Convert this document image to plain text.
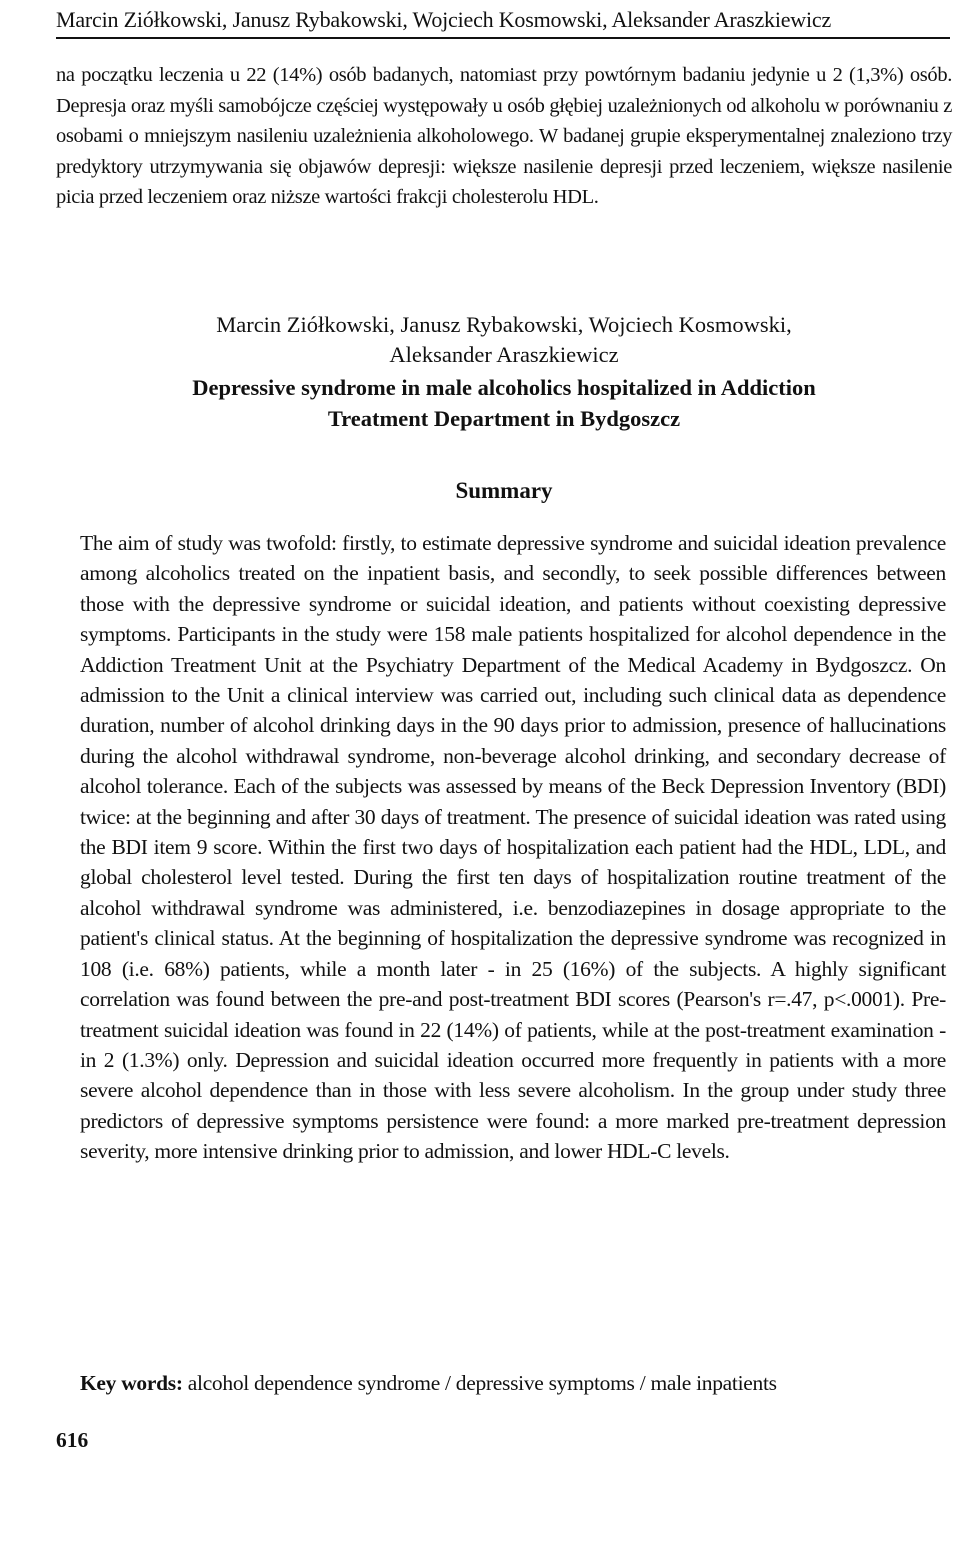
Marcin Ziółkowski, Janusz Rybakowski, Wojciech Kosmowski, Aleksander Araszkiewicz
na początku leczenia u 22 (14%) osób badanych, natomiast przy powtórnym badaniu jedynie u 2 (1,3%) osób. Depresja oraz myśli samobójcze częściej występowały u osób głębiej uzależnionych od alkoholu w porównaniu z osobami o mniejszym nasileniu uzależnienia alkoholowego. W badanej grupie eksperymentalnej znaleziono trzy predyktory utrzymywania się objawów depresji: większe nasilenie depresji przed leczeniem, większe nasilenie picia przed leczeniem oraz niższe wartości frakcji cholesterolu HDL.
Marcin Ziółkowski, Janusz Rybakowski, Wojciech Kosmowski,
Aleksander Araszkiewicz
Depressive syndrome in male alcoholics hospitalized in Addiction
Treatment Department in Bydgoszcz
Summary
The aim of study was twofold: firstly, to estimate depressive syndrome and suicidal ideation prevalence among alcoholics treated on the inpatient basis, and secondly, to seek possible differences between those with the depressive syndrome or suicidal ideation, and patients without coexisting depressive symptoms. Participants in the study were 158 male patients hospitalized for alcohol dependence in the Addiction Treatment Unit at the Psychiatry Department of the Medical Academy in Bydgoszcz. On admission to the Unit a clinical interview was carried out, including such clinical data as dependence duration, number of alcohol drinking days in the 90 days prior to admission, presence of hallucinations during the alcohol withdrawal syndrome, non-beverage alcohol drinking, and secondary decrease of alcohol tolerance. Each of the subjects was assessed by means of the Beck Depression Inventory (BDI) twice: at the beginning and after 30 days of treatment. The presence of suicidal ideation was rated using the BDI item 9 score. Within the first two days of hospitalization each patient had the HDL, LDL, and global cholesterol level tested. During the first ten days of hospitalization routine treatment of the alcohol withdrawal syndrome was administered, i.e. benzodiazepines in dosage appropriate to the patient's clinical status. At the beginning of hospitalization the depressive syndrome was recognized in 108 (i.e. 68%) patients, while a month later - in 25 (16%) of the subjects. A highly significant correlation was found between the pre-and post-treatment BDI scores (Pearson's r=.47, p<.0001). Pre-treatment suicidal ideation was found in 22 (14%) of patients, while at the post-treatment examination - in 2 (1.3%) only. Depression and suicidal ideation occurred more frequently in patients with a more severe alcohol dependence than in those with less severe alcoholism. In the group under study three predictors of depressive symptoms persistence were found: a more marked pre-treatment depression severity, more intensive drinking prior to admission, and lower HDL-C levels.
Key words: alcohol dependence syndrome / depressive symptoms / male inpatients
616
